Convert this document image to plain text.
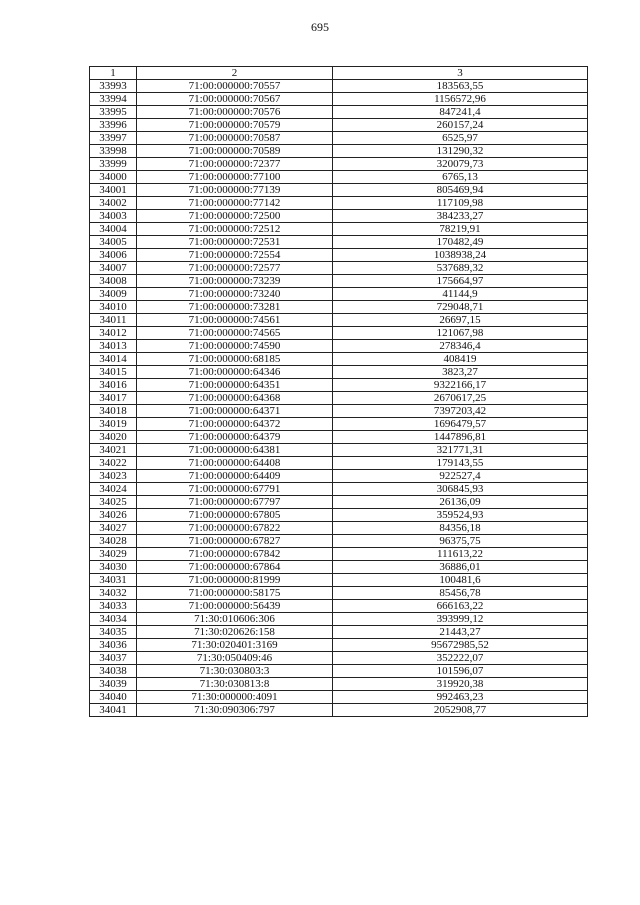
695
1	2	3
33993	71:00:000000:70557	183563,55
33994	71:00:000000:70567	1156572,96
33995	71:00:000000:70576	847241,4
33996	71:00:000000:70579	260157,24
33997	71:00:000000:70587	6525,97
33998	71:00:000000:70589	131290,32
33999	71:00:000000:72377	320079,73
34000	71:00:000000:77100	6765,13
34001	71:00:000000:77139	805469,94
34002	71:00:000000:77142	117109,98
34003	71:00:000000:72500	384233,27
34004	71:00:000000:72512	78219,91
34005	71:00:000000:72531	170482,49
34006	71:00:000000:72554	1038938,24
34007	71:00:000000:72577	537689,32
34008	71:00:000000:73239	175664,97
34009	71:00:000000:73240	41144,9
34010	71:00:000000:73281	729048,71
34011	71:00:000000:74561	26697,15
34012	71:00:000000:74565	121067,98
34013	71:00:000000:74590	278346,4
34014	71:00:000000:68185	408419
34015	71:00:000000:64346	3823,27
34016	71:00:000000:64351	9322166,17
34017	71:00:000000:64368	2670617,25
34018	71:00:000000:64371	7397203,42
34019	71:00:000000:64372	1696479,57
34020	71:00:000000:64379	1447896,81
34021	71:00:000000:64381	321771,31
34022	71:00:000000:64408	179143,55
34023	71:00:000000:64409	922527,4
34024	71:00:000000:67791	306845,93
34025	71:00:000000:67797	26136,09
34026	71:00:000000:67805	359524,93
34027	71:00:000000:67822	84356,18
34028	71:00:000000:67827	96375,75
34029	71:00:000000:67842	111613,22
34030	71:00:000000:67864	36886,01
34031	71:00:000000:81999	100481,6
34032	71:00:000000:58175	85456,78
34033	71:00:000000:56439	666163,22
34034	71:30:010606:306	393999,12
34035	71:30:020626:158	21443,27
34036	71:30:020401:3169	95672985,52
34037	71:30:050409:46	352222,07
34038	71:30:030803:3	101596,07
34039	71:30:030813:8	319920,38
34040	71:30:000000:4091	992463,23
34041	71:30:090306:797	2052908,77
